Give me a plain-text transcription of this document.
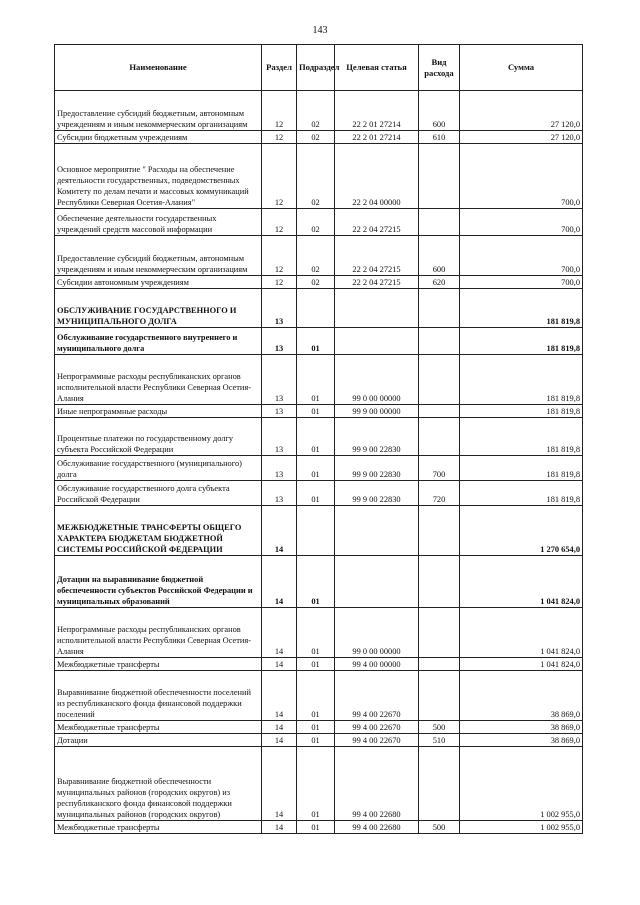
143
Наименование	Раздел	Подраздел	Целевая статья	Вид расхода	Сумма
Предоставление субсидий бюджетным, автономным учреждениям и иным некоммерческим организациям	12	02	22 2 01 27214	600	27 120,0
Субсидии бюджетным учреждениям	12	02	22 2 01 27214	610	27 120,0
Основное мероприятие " Расходы на обеспечение деятельности государственных, подведомственных Комитету по делам печати и массовых коммуникаций Республики Северная Осетия-Алания"	12	02	22 2 04 00000		700,0
Обеспечение деятельности государственных учреждений средств массовой информации	12	02	22 2 04 27215		700,0
Предоставление субсидий бюджетным, автономным учреждениям и иным некоммерческим организациям	12	02	22 2 04 27215	600	700,0
Субсидии автономным учреждениям	12	02	22 2 04 27215	620	700,0
ОБСЛУЖИВАНИЕ ГОСУДАРСТВЕННОГО И МУНИЦИПАЛЬНОГО ДОЛГА	13				181 819,8
Обслуживание государственного внутреннего и муниципального долга	13	01			181 819,8
Непрограммные расходы республиканских органов исполнительной власти Республики Северная Осетия-Алания	13	01	99 0 00 00000		181 819,8
Иные непрограммные расходы	13	01	99 9 00 00000		181 819,8
Процентные платежи по государственному долгу субъекта Российской Федерации	13	01	99 9 00 22830		181 819,8
Обслуживание государственного (муниципального) долга	13	01	99 9 00 22830	700	181 819,8
Обслуживание государственного долга субъекта Российской Федерации	13	01	99 9 00 22830	720	181 819,8
МЕЖБЮДЖЕТНЫЕ ТРАНСФЕРТЫ ОБЩЕГО ХАРАКТЕРА БЮДЖЕТАМ БЮДЖЕТНОЙ СИСТЕМЫ РОССИЙСКОЙ ФЕДЕРАЦИИ	14				1 270 654,0
Дотации на выравнивание бюджетной обеспеченности субъектов Российской Федерации и муниципальных образований	14	01			1 041 824,0
Непрограммные расходы республиканских органов исполнительной власти Республики Северная Осетия-Алания	14	01	99 0 00 00000		1 041 824,0
Межбюджетные трансферты	14	01	99 4 00 00000		1 041 824,0
Выравнивание бюджетной обеспеченности поселений из республиканского фонда финансовой поддержки поселений	14	01	99 4 00 22670		38 869,0
Межбюджетные трансферты	14	01	99 4 00 22670	500	38 869,0
Дотации	14	01	99 4 00 22670	510	38 869,0
Выравнивание бюджетной обеспеченности муниципальных районов (городских округов) из республиканского фонда финансовой поддержки муниципальных районов (городских округов)	14	01	99 4 00 22680		1 002 955,0
Межбюджетные трансферты	14	01	99 4 00 22680	500	1 002 955,0
